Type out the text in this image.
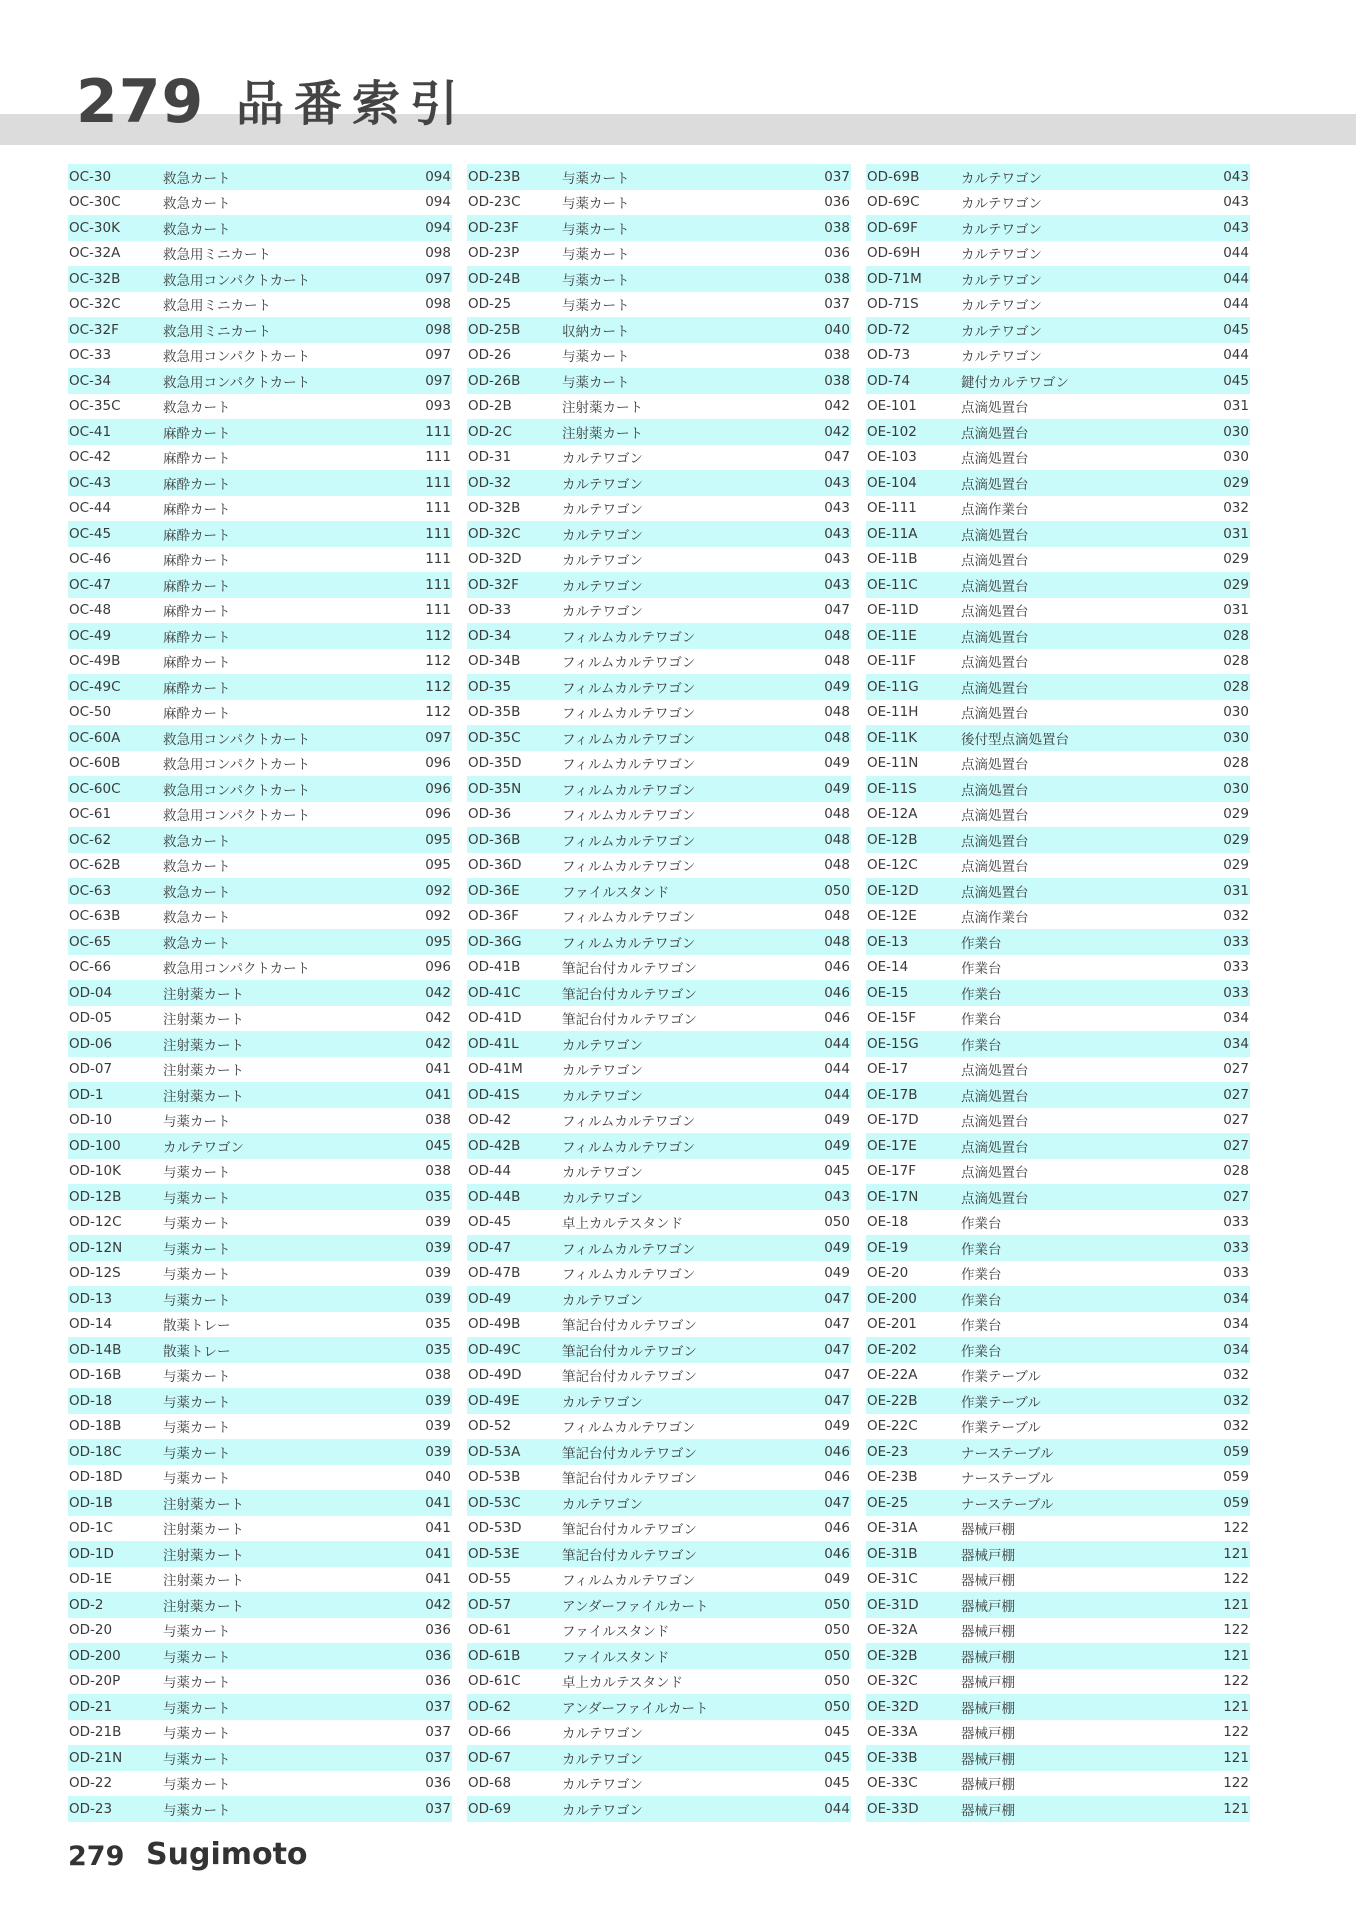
279 品番索引
OC-30	救急カート	094
OC-30C	救急カート	094
OC-30K	救急カート	094
OC-32A	救急用ミニカート	098
OC-32B	救急用コンパクトカート	097
OC-32C	救急用ミニカート	098
OC-32F	救急用ミニカート	098
OC-33	救急用コンパクトカート	097
OC-34	救急用コンパクトカート	097
OC-35C	救急カート	093
OC-41	麻酔カート	111
OC-42	麻酔カート	111
OC-43	麻酔カート	111
OC-44	麻酔カート	111
OC-45	麻酔カート	111
OC-46	麻酔カート	111
OC-47	麻酔カート	111
OC-48	麻酔カート	111
OC-49	麻酔カート	112
OC-49B	麻酔カート	112
OC-49C	麻酔カート	112
OC-50	麻酔カート	112
OC-60A	救急用コンパクトカート	097
OC-60B	救急用コンパクトカート	096
OC-60C	救急用コンパクトカート	096
OC-61	救急用コンパクトカート	096
OC-62	救急カート	095
OC-62B	救急カート	095
OC-63	救急カート	092
OC-63B	救急カート	092
OC-65	救急カート	095
OC-66	救急用コンパクトカート	096
OD-04	注射薬カート	042
OD-05	注射薬カート	042
OD-06	注射薬カート	042
OD-07	注射薬カート	041
OD-1	注射薬カート	041
OD-10	与薬カート	038
OD-100	カルテワゴン	045
OD-10K	与薬カート	038
OD-12B	与薬カート	035
OD-12C	与薬カート	039
OD-12N	与薬カート	039
OD-12S	与薬カート	039
OD-13	与薬カート	039
OD-14	散薬トレー	035
OD-14B	散薬トレー	035
OD-16B	与薬カート	038
OD-18	与薬カート	039
OD-18B	与薬カート	039
OD-18C	与薬カート	039
OD-18D	与薬カート	040
OD-1B	注射薬カート	041
OD-1C	注射薬カート	041
OD-1D	注射薬カート	041
OD-1E	注射薬カート	041
OD-2	注射薬カート	042
OD-20	与薬カート	036
OD-200	与薬カート	036
OD-20P	与薬カート	036
OD-21	与薬カート	037
OD-21B	与薬カート	037
OD-21N	与薬カート	037
OD-22	与薬カート	036
OD-23	与薬カート	037
OD-23B	与薬カート	037
OD-23C	与薬カート	036
OD-23F	与薬カート	038
OD-23P	与薬カート	036
OD-24B	与薬カート	038
OD-25	与薬カート	037
OD-25B	収納カート	040
OD-26	与薬カート	038
OD-26B	与薬カート	038
OD-2B	注射薬カート	042
OD-2C	注射薬カート	042
OD-31	カルテワゴン	047
OD-32	カルテワゴン	043
OD-32B	カルテワゴン	043
OD-32C	カルテワゴン	043
OD-32D	カルテワゴン	043
OD-32F	カルテワゴン	043
OD-33	カルテワゴン	047
OD-34	フィルムカルテワゴン	048
OD-34B	フィルムカルテワゴン	048
OD-35	フィルムカルテワゴン	049
OD-35B	フィルムカルテワゴン	048
OD-35C	フィルムカルテワゴン	048
OD-35D	フィルムカルテワゴン	049
OD-35N	フィルムカルテワゴン	049
OD-36	フィルムカルテワゴン	048
OD-36B	フィルムカルテワゴン	048
OD-36D	フィルムカルテワゴン	048
OD-36E	ファイルスタンド	050
OD-36F	フィルムカルテワゴン	048
OD-36G	フィルムカルテワゴン	048
OD-41B	筆記台付カルテワゴン	046
OD-41C	筆記台付カルテワゴン	046
OD-41D	筆記台付カルテワゴン	046
OD-41L	カルテワゴン	044
OD-41M	カルテワゴン	044
OD-41S	カルテワゴン	044
OD-42	フィルムカルテワゴン	049
OD-42B	フィルムカルテワゴン	049
OD-44	カルテワゴン	045
OD-44B	カルテワゴン	043
OD-45	卓上カルテスタンド	050
OD-47	フィルムカルテワゴン	049
OD-47B	フィルムカルテワゴン	049
OD-49	カルテワゴン	047
OD-49B	筆記台付カルテワゴン	047
OD-49C	筆記台付カルテワゴン	047
OD-49D	筆記台付カルテワゴン	047
OD-49E	カルテワゴン	047
OD-52	フィルムカルテワゴン	049
OD-53A	筆記台付カルテワゴン	046
OD-53B	筆記台付カルテワゴン	046
OD-53C	カルテワゴン	047
OD-53D	筆記台付カルテワゴン	046
OD-53E	筆記台付カルテワゴン	046
OD-55	フィルムカルテワゴン	049
OD-57	アンダーファイルカート	050
OD-61	ファイルスタンド	050
OD-61B	ファイルスタンド	050
OD-61C	卓上カルテスタンド	050
OD-62	アンダーファイルカート	050
OD-66	カルテワゴン	045
OD-67	カルテワゴン	045
OD-68	カルテワゴン	045
OD-69	カルテワゴン	044
OD-69B	カルテワゴン	043
OD-69C	カルテワゴン	043
OD-69F	カルテワゴン	043
OD-69H	カルテワゴン	044
OD-71M	カルテワゴン	044
OD-71S	カルテワゴン	044
OD-72	カルテワゴン	045
OD-73	カルテワゴン	044
OD-74	鍵付カルテワゴン	045
OE-101	点滴処置台	031
OE-102	点滴処置台	030
OE-103	点滴処置台	030
OE-104	点滴処置台	029
OE-111	点滴作業台	032
OE-11A	点滴処置台	031
OE-11B	点滴処置台	029
OE-11C	点滴処置台	029
OE-11D	点滴処置台	031
OE-11E	点滴処置台	028
OE-11F	点滴処置台	028
OE-11G	点滴処置台	028
OE-11H	点滴処置台	030
OE-11K	後付型点滴処置台	030
OE-11N	点滴処置台	028
OE-11S	点滴処置台	030
OE-12A	点滴処置台	029
OE-12B	点滴処置台	029
OE-12C	点滴処置台	029
OE-12D	点滴処置台	031
OE-12E	点滴作業台	032
OE-13	作業台	033
OE-14	作業台	033
OE-15	作業台	033
OE-15F	作業台	034
OE-15G	作業台	034
OE-17	点滴処置台	027
OE-17B	点滴処置台	027
OE-17D	点滴処置台	027
OE-17E	点滴処置台	027
OE-17F	点滴処置台	028
OE-17N	点滴処置台	027
OE-18	作業台	033
OE-19	作業台	033
OE-20	作業台	033
OE-200	作業台	034
OE-201	作業台	034
OE-202	作業台	034
OE-22A	作業テーブル	032
OE-22B	作業テーブル	032
OE-22C	作業テーブル	032
OE-23	ナーステーブル	059
OE-23B	ナーステーブル	059
OE-25	ナーステーブル	059
OE-31A	器械戸棚	122
OE-31B	器械戸棚	121
OE-31C	器械戸棚	122
OE-31D	器械戸棚	121
OE-32A	器械戸棚	122
OE-32B	器械戸棚	121
OE-32C	器械戸棚	122
OE-32D	器械戸棚	121
OE-33A	器械戸棚	122
OE-33B	器械戸棚	121
OE-33C	器械戸棚	122
OE-33D	器械戸棚	121
279 Sugimoto
